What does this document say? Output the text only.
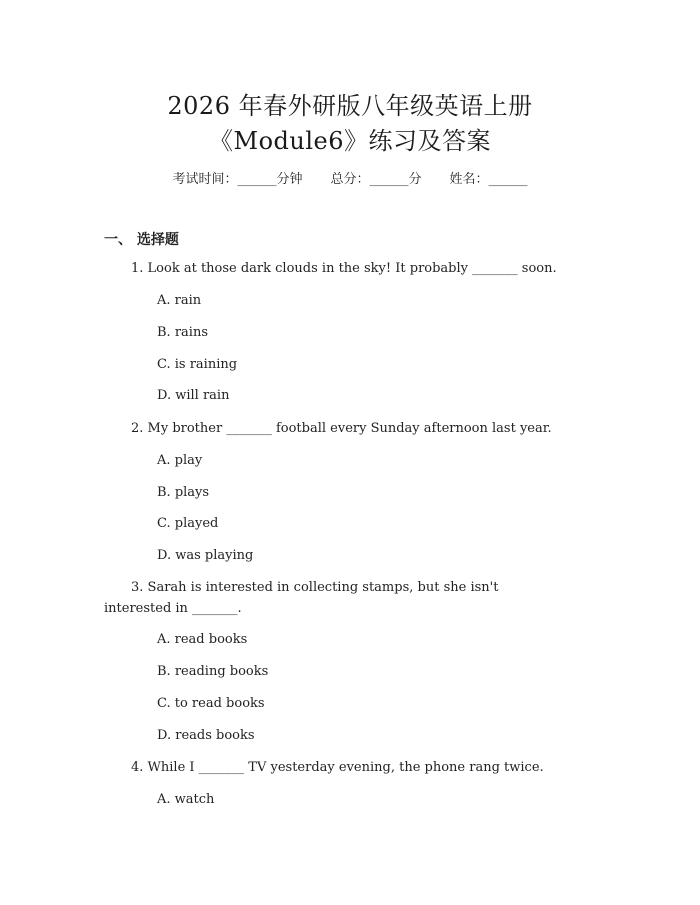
2026 年春外研版八年级英语上册
《Module6》练习及答案
考试时间：______分钟 总分：______分 姓名：______
一、 选择题
1. Look at those dark clouds in the sky! It probably _______ soon.
A. rain
B. rains
C. is raining
D. will rain
2. My brother _______ football every Sunday afternoon last year.
A. play
B. plays
C. played
D. was playing
3. Sarah is interested in collecting stamps, but she isn't
interested in _______.
A. read books
B. reading books
C. to read books
D. reads books
4. While I _______ TV yesterday evening, the phone rang twice.
A. watch
